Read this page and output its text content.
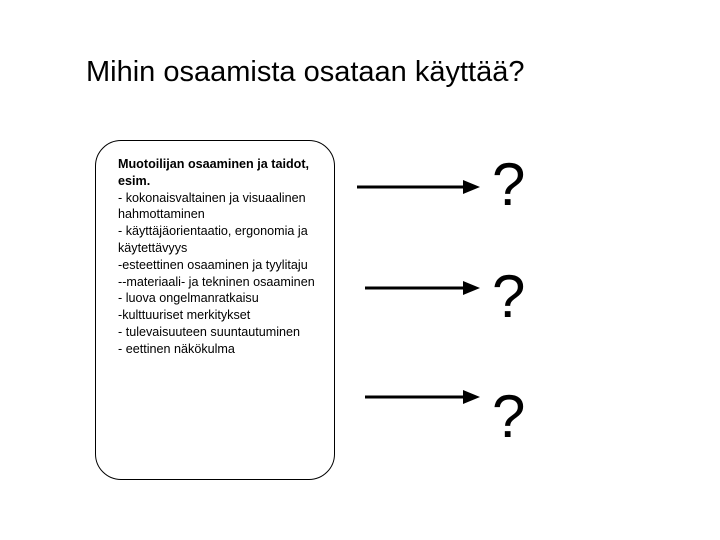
Mihin osaamista osataan käyttää?
Muotoilijan osaaminen ja taidot, esim.
- kokonaisvaltainen ja visuaalinen  hahmottaminen
- käyttäjäorientaatio, ergonomia ja käytettävyys
-esteettinen osaaminen ja tyylitaju
--materiaali- ja tekninen osaaminen
- luova ongelmanratkaisu
-kulttuuriset merkitykset
- tulevaisuuteen suuntautuminen
- eettinen näkökulma
?
?
?
